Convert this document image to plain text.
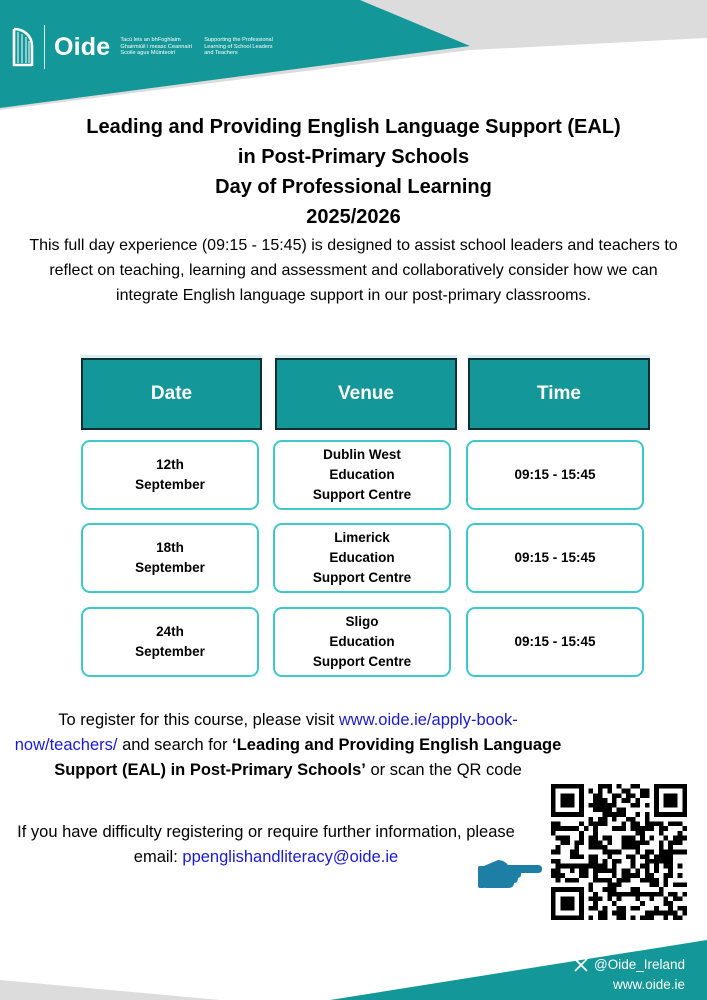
Oide Tacú leis an bhFoghlaim
Ghairmiúil i measc Ceannairí
Scoile agus Múinteoirí
Supporting the Professional
Learning of School Leaders
and Teachers
Leading and Providing English Language Support (EAL)
in Post-Primary Schools
Day of Professional Learning
2025/2026

This full day experience (09:15 - 15:45) is designed to assist school leaders and teachers to reflect on teaching, learning and assessment and collaboratively consider how we can integrate English language support in our post-primary classrooms.

Date	Venue	Time
12th
September
Dublin West
Education
Support Centre
09:15 - 15:45
18th
September
Limerick
Education
Support Centre
09:15 - 15:45
24th
September
Sligo
Education
Support Centre
09:15 - 15:45

To register for this course, please visit www.oide.ie/apply-book-now/teachers/ and search for ‘Leading and Providing English Language Support (EAL) in Post-Primary Schools’ or scan the QR code

If you have difficulty registering or require further information, please email: ppenglishandliteracy@oide.ie

@Oide_Ireland
www.oide.ie
